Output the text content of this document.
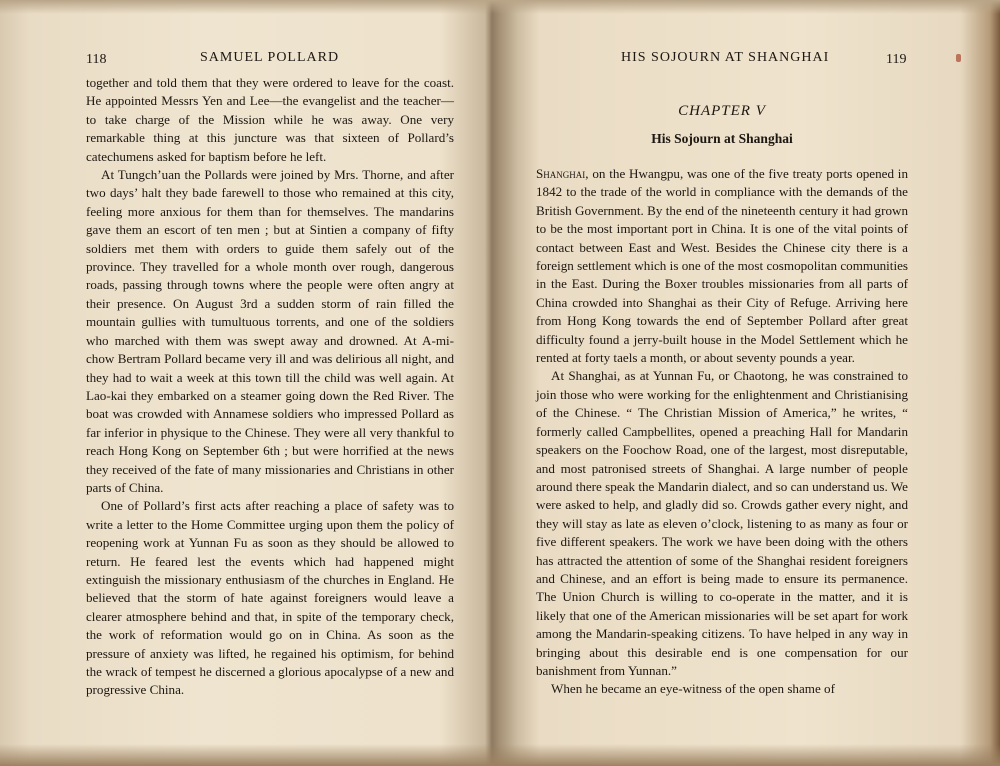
118	SAMUEL POLLARD

together and told them that they were ordered to leave for the coast. He appointed Messrs Yen and Lee—the evangelist and the teacher—to take charge of the Mission while he was away. One very remarkable thing at this juncture was that sixteen of Pollard’s catechumens asked for baptism before he left.

At Tungch’uan the Pollards were joined by Mrs. Thorne, and after two days’ halt they bade farewell to those who remained at this city, feeling more anxious for them than for themselves. The mandarins gave them an escort of ten men ; but at Sintien a company of fifty soldiers met them with orders to guide them safely out of the province. They travelled for a whole month over rough, dangerous roads, passing through towns where the people were often angry at their presence. On August 3rd a sudden storm of rain filled the mountain gullies with tumultuous torrents, and one of the soldiers who marched with them was swept away and drowned. At A-mi-chow Bertram Pollard became very ill and was delirious all night, and they had to wait a week at this town till the child was well again. At Lao-kai they embarked on a steamer going down the Red River. The boat was crowded with Annamese soldiers who impressed Pollard as far inferior in physique to the Chinese. They were all very thankful to reach Hong Kong on September 6th ; but were horrified at the news they received of the fate of many missionaries and Christians in other parts of China.

One of Pollard’s first acts after reaching a place of safety was to write a letter to the Home Committee urging upon them the policy of reopening work at Yunnan Fu as soon as they should be allowed to return. He feared lest the events which had happened might extinguish the missionary enthusiasm of the churches in England. He believed that the storm of hate against foreigners would leave a clearer atmosphere behind and that, in spite of the temporary check, the work of reformation would go on in China. As soon as the pressure of anxiety was lifted, he regained his optimism, for behind the wrack of tempest he discerned a glorious apocalypse of a new and progressive China.

HIS SOJOURN AT SHANGHAI	119
CHAPTER V
His Sojourn at Shanghai

Shanghai, on the Hwangpu, was one of the five treaty ports opened in 1842 to the trade of the world in compliance with the demands of the British Government. By the end of the nineteenth century it had grown to be the most important port in China. It is one of the vital points of contact between East and West. Besides the Chinese city there is a foreign settlement which is one of the most cosmopolitan communities in the East. During the Boxer troubles missionaries from all parts of China crowded into Shanghai as their City of Refuge. Arriving here from Hong Kong towards the end of September Pollard after great difficulty found a jerry-built house in the Model Settlement which he rented at forty taels a month, or about seventy pounds a year.

At Shanghai, as at Yunnan Fu, or Chaotong, he was constrained to join those who were working for the enlightenment and Christianising of the Chinese. “ The Christian Mission of America,” he writes, “ formerly called Campbellites, opened a preaching Hall for Mandarin speakers on the Foochow Road, one of the largest, most disreputable, and most patronised streets of Shanghai. A large number of people around there speak the Mandarin dialect, and so can understand us. We were asked to help, and gladly did so. Crowds gather every night, and they will stay as late as eleven o’clock, listening to as many as four or five different speakers. The work we have been doing with the others has attracted the attention of some of the Shanghai resident foreigners and Chinese, and an effort is being made to ensure its permanence. The Union Church is willing to co-operate in the matter, and it is likely that one of the American missionaries will be set apart for work among the Mandarin-speaking citizens. To have helped in any way in bringing about this desirable end is one compensation for our banishment from Yunnan.”

When he became an eye-witness of the open shame of
